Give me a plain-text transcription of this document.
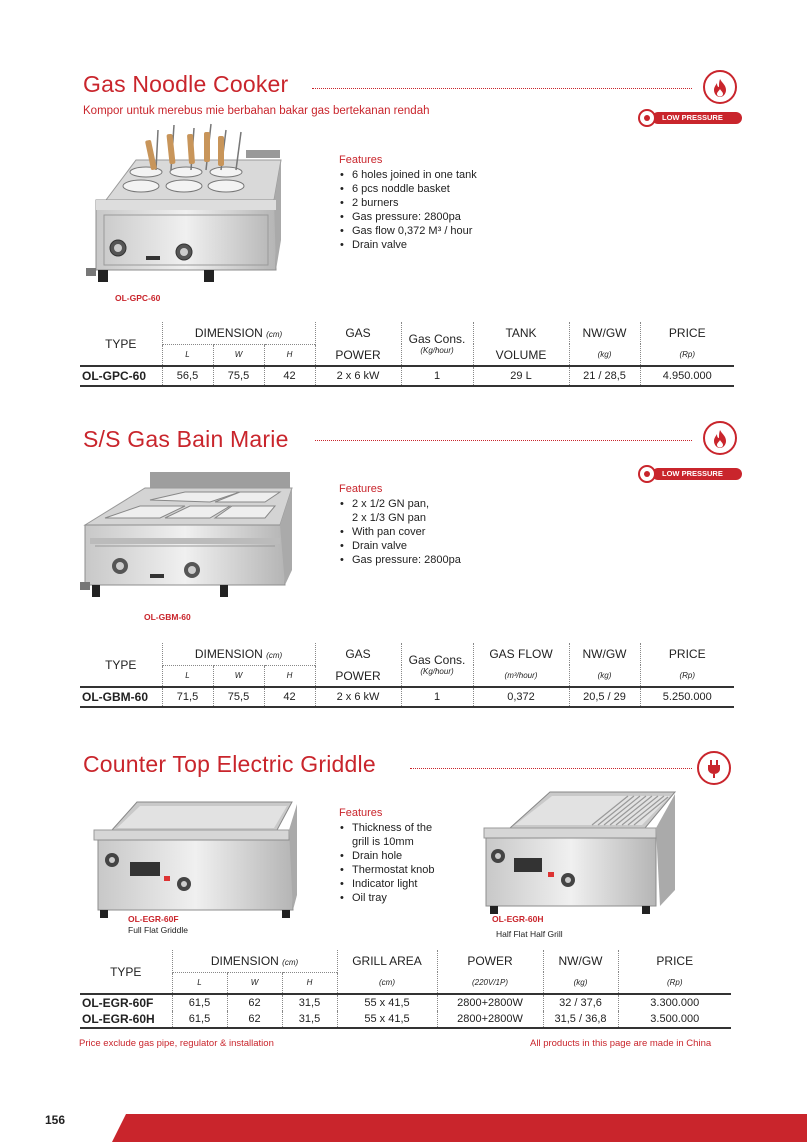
Gas Noodle Cooker
Kompor untuk merebus mie berbahan bakar gas bertekanan rendah
LOW PRESSURE
OL-GPC-60
Features
• 6 holes joined in one tank
• 6 pcs noddle basket
• 2 burners
• Gas pressure: 2800pa
• Gas flow 0,372 M³ / hour
• Drain valve
TYPE	DIMENSION (cm)			GAS	Gas Cons.
(Kg/hour)	TANK	NW/GW	PRICE
	L	W	H	POWER		VOLUME	(kg)	(Rp)
OL-GPC-60	56,5	75,5	42	2 x 6 kW	1	29 L	21 / 28,5	4.950.000
S/S Gas Bain Marie
LOW PRESSURE
OL-GBM-60
Features
• 2 x 1/2 GN pan,
2 x 1/3 GN pan
• With pan cover
• Drain valve
• Gas pressure: 2800pa
TYPE	DIMENSION (cm)			GAS	Gas Cons.
(Kg/hour)	GAS FLOW	NW/GW	PRICE
	L	W	H	POWER		(m³/hour)	(kg)	(Rp)
OL-GBM-60	71,5	75,5	42	2 x 6 kW	1	0,372	20,5 / 29	5.250.000
Counter Top Electric Griddle
OL-EGR-60F
Full Flat Griddle
OL-EGR-60H
Half Flat Half Grill
Features
• Thickness of the
grill is 10mm
• Drain hole
• Thermostat knob
• Indicator light
• Oil tray
TYPE	DIMENSION (cm)			GRILL AREA	POWER	NW/GW	PRICE
	L	W	H	(cm)	(220V/1P)	(kg)	(Rp)
OL-EGR-60F	61,5	62	31,5	55 x 41,5	2800+2800W	32 / 37,6	3.300.000
OL-EGR-60H	61,5	62	31,5	55 x 41,5	2800+2800W	31,5 / 36,8	3.500.000
Price exclude gas pipe, regulator & installation	All products in this page are made in China
156
